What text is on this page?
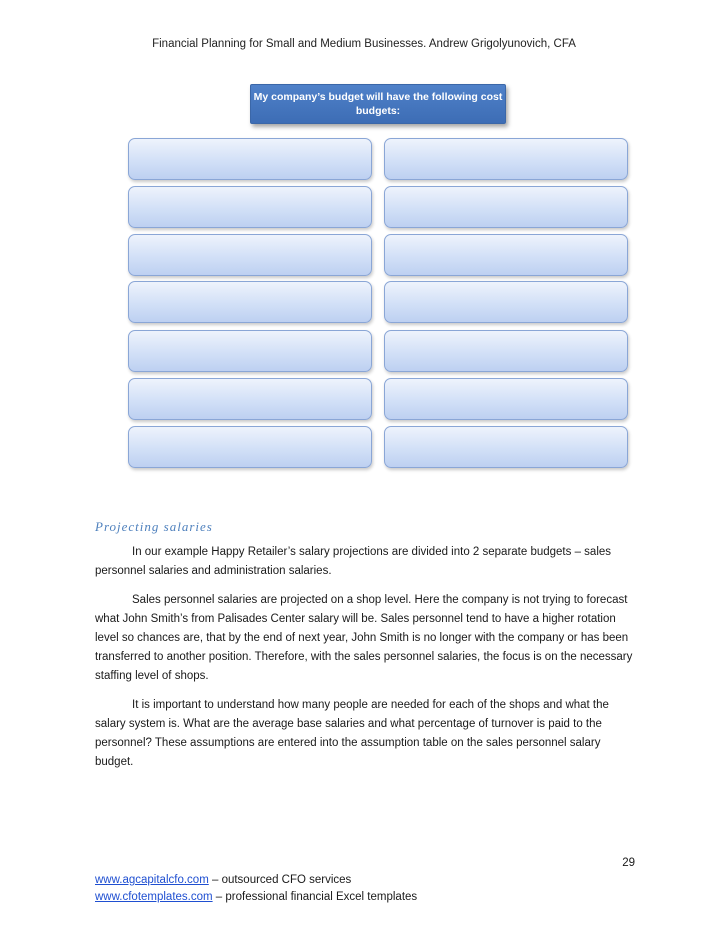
Financial Planning for Small and Medium Businesses. Andrew Grigolyunovich, CFA
My company’s budget will have the following cost budgets:
Projecting salaries

In our example Happy Retailer’s salary projections are divided into 2 separate budgets – sales personnel salaries and administration salaries.

Sales personnel salaries are projected on a shop level. Here the company is not trying to forecast what John Smith’s from Palisades Center salary will be. Sales personnel tend to have a higher rotation level so chances are, that by the end of next year, John Smith is no longer with the company or has been transferred to another position. Therefore, with the sales personnel salaries, the focus is on the necessary staffing level of shops.

It is important to understand how many people are needed for each of the shops and what the salary system is. What are the average base salaries and what percentage of turnover is paid to the personnel? These assumptions are entered into the assumption table on the sales personnel salary budget.

29
www.agcapitalcfo.com – outsourced CFO services
www.cfotemplates.com – professional financial Excel templates
